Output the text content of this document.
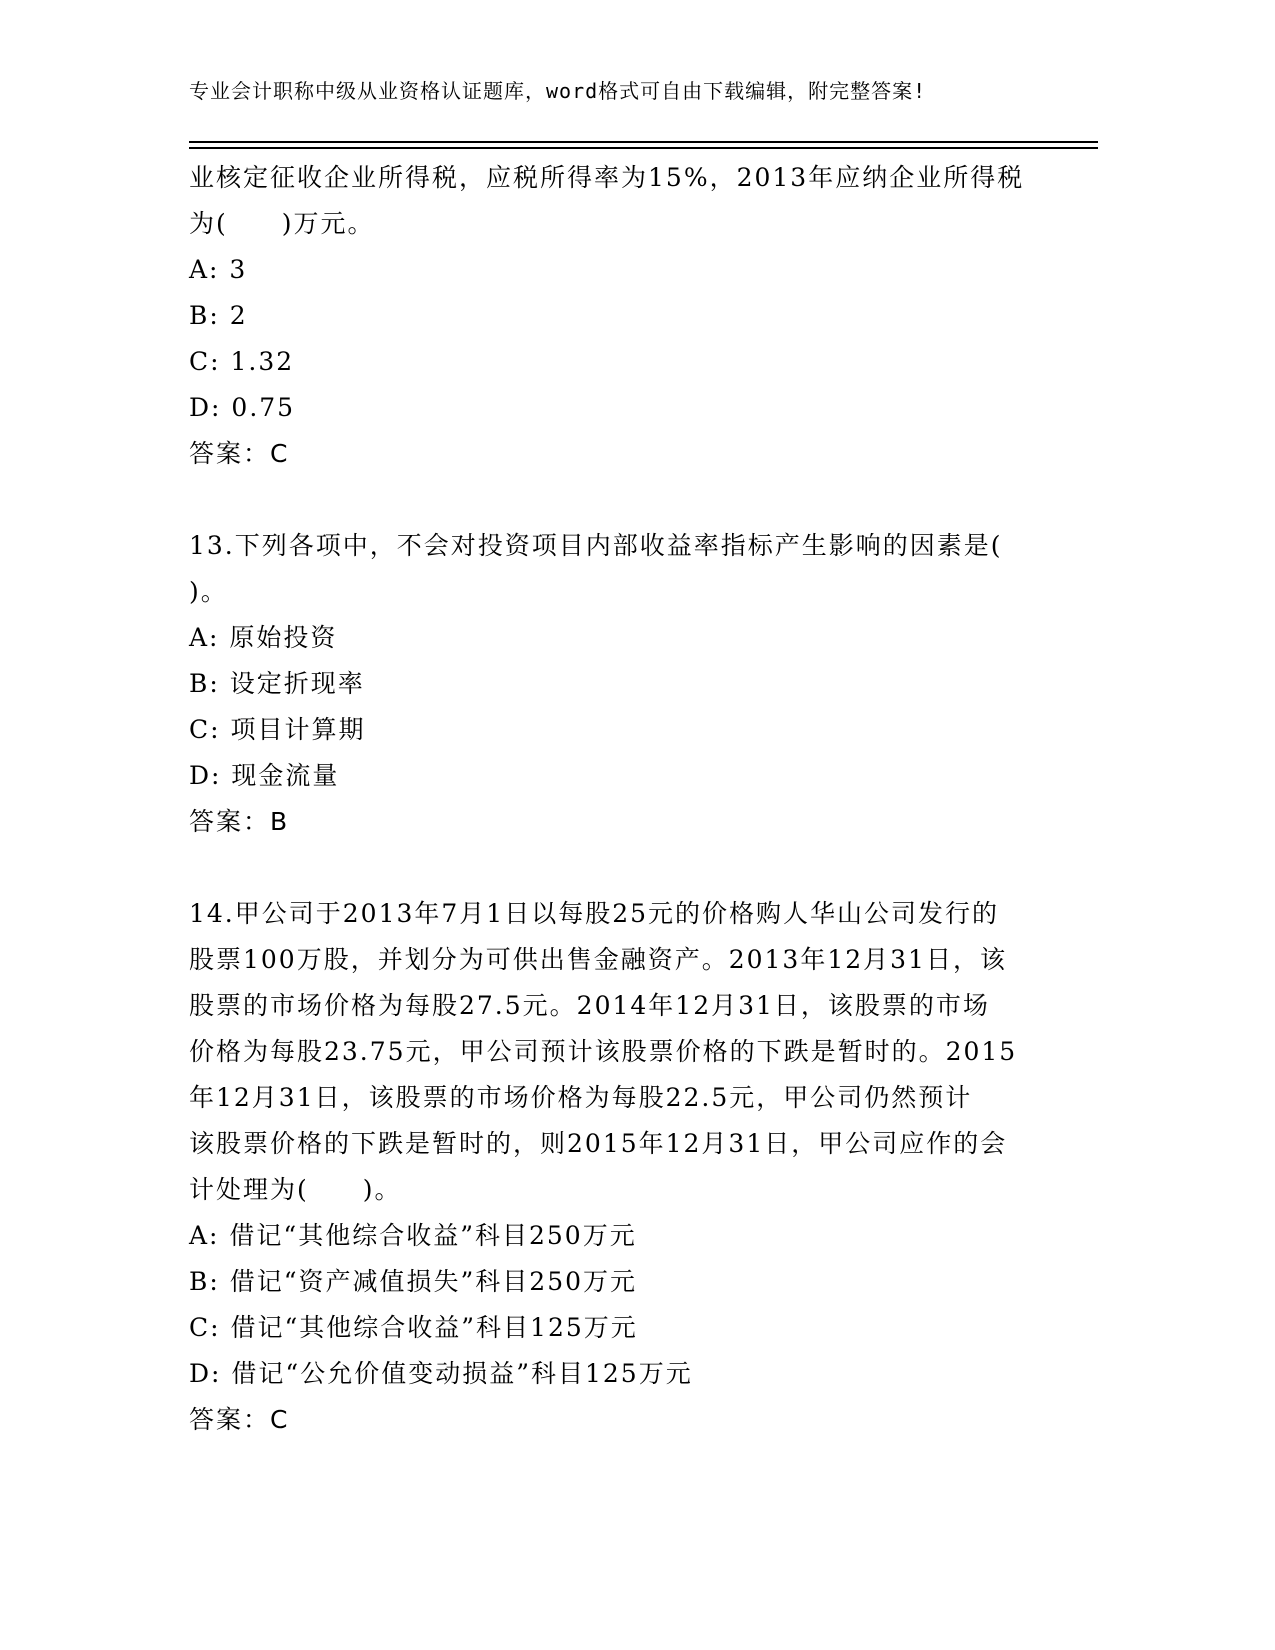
专业会计职称中级从业资格认证题库，word格式可自由下载编辑，附完整答案!
业核定征收企业所得税，应税所得率为15%，2013年应纳企业所得税
为(　　)万元。
A: 3
B: 2
C: 1.32
D: 0.75
答案：C
13.下列各项中，不会对投资项目内部收益率指标产生影响的因素是(
)。
A: 原始投资
B: 设定折现率
C: 项目计算期
D: 现金流量
答案：B
14.甲公司于2013年7月1日以每股25元的价格购人华山公司发行的
股票100万股，并划分为可供出售金融资产。2013年12月31日，该
股票的市场价格为每股27.5元。2014年12月31日，该股票的市场
价格为每股23.75元，甲公司预计该股票价格的下跌是暂时的。2015
年12月31日，该股票的市场价格为每股22.5元，甲公司仍然预计
该股票价格的下跌是暂时的，则2015年12月31日，甲公司应作的会
计处理为(　　)。
A: 借记“其他综合收益”科目250万元
B: 借记“资产减值损失”科目250万元
C: 借记“其他综合收益”科目125万元
D: 借记“公允价值变动损益”科目125万元
答案：C
